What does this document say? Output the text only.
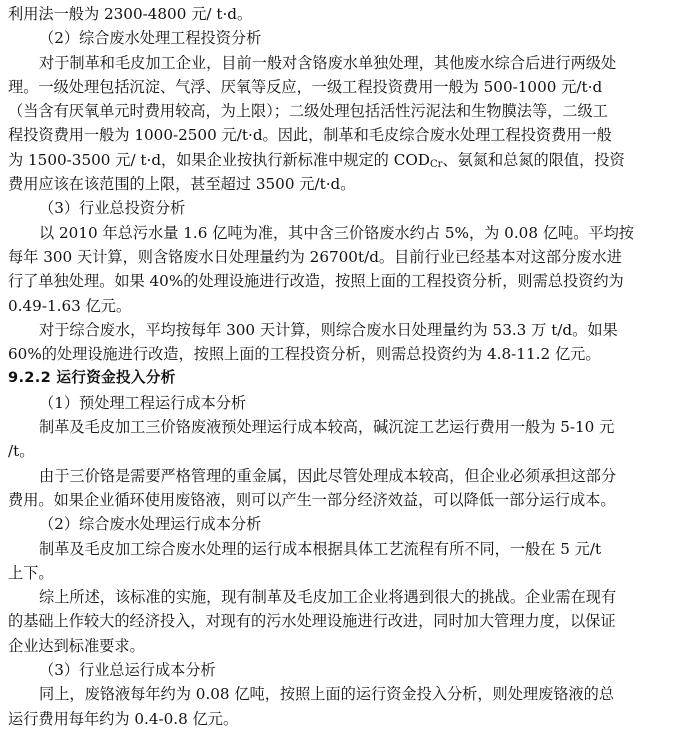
利用法一般为 2300-4800 元/ t·d。
（2）综合废水处理工程投资分析
对于制革和毛皮加工企业，目前一般对含铬废水单独处理，其他废水综合后进行两级处
理。一级处理包括沉淀、气浮、厌氧等反应，一级工程投资费用一般为 500-1000 元/t·d
（当含有厌氧单元时费用较高，为上限）；二级处理包括活性污泥法和生物膜法等，二级工
程投资费用一般为 1000-2500 元/t·d。因此，制革和毛皮综合废水处理工程投资费用一般
为 1500-3500 元/ t·d，如果企业按执行新标准中规定的 $COD_{Cr}$、氨氮和总氮的限值，投资
费用应该在该范围的上限，甚至超过 3500 元/t·d。
（3）行业总投资分析
以 2010 年总污水量 1.6 亿吨为准，其中含三价铬废水约占 5%，为 0.08 亿吨。平均按
每年 300 天计算，则含铬废水日处理量约为 26700t/d。目前行业已经基本对这部分废水进
行了单独处理。如果 40%的处理设施进行改造，按照上面的工程投资分析，则需总投资约为
0.49-1.63 亿元。
对于综合废水，平均按每年 300 天计算，则综合废水日处理量约为 53.3 万 t/d。如果
60%的处理设施进行改造，按照上面的工程投资分析，则需总投资约为 4.8-11.2 亿元。
9.2.2 运行资金投入分析
（1）预处理工程运行成本分析
制革及毛皮加工三价铬废液预处理运行成本较高，碱沉淀工艺运行费用一般为 5-10 元
/t。
由于三价铬是需要严格管理的重金属，因此尽管处理成本较高，但企业必须承担这部分
费用。如果企业循环使用废铬液，则可以产生一部分经济效益，可以降低一部分运行成本。
（2）综合废水处理运行成本分析
制革及毛皮加工综合废水处理的运行成本根据具体工艺流程有所不同，一般在 5 元/t
上下。
综上所述，该标准的实施，现有制革及毛皮加工企业将遇到很大的挑战。企业需在现有
的基础上作较大的经济投入，对现有的污水处理设施进行改进，同时加大管理力度，以保证
企业达到标准要求。
（3）行业总运行成本分析
同上，废铬液每年约为 0.08 亿吨，按照上面的运行资金投入分析，则处理废铬液的总
运行费用每年约为 0.4-0.8 亿元。
